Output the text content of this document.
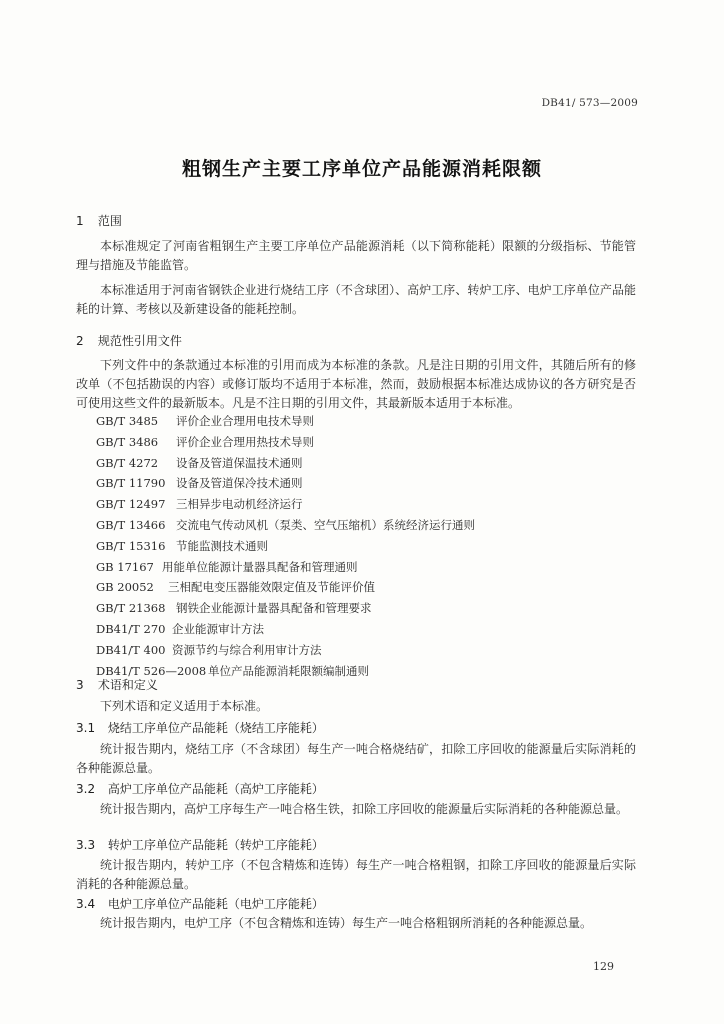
DB41/ 573—2009
粗钢生产主要工序单位产品能源消耗限额
1 范围
本标准规定了河南省粗钢生产主要工序单位产品能源消耗（以下简称能耗）限额的分级指标、节能管理与措施及节能监管。
本标准适用于河南省钢铁企业进行烧结工序（不含球团）、高炉工序、转炉工序、电炉工序单位产品能耗的计算、考核以及新建设备的能耗控制。
2 规范性引用文件
下列文件中的条款通过本标准的引用而成为本标准的条款。凡是注日期的引用文件，其随后所有的修改单（不包括勘误的内容）或修订版均不适用于本标准，然而，鼓励根据本标准达成协议的各方研究是否可使用这些文件的最新版本。凡是不注日期的引用文件，其最新版本适用于本标准。
GB/T 3485 评价企业合理用电技术导则
GB/T 3486 评价企业合理用热技术导则
GB/T 4272 设备及管道保温技术通则
GB/T 11790 设备及管道保冷技术通则
GB/T 12497 三相异步电动机经济运行
GB/T 13466 交流电气传动风机（泵类、空气压缩机）系统经济运行通则
GB/T 15316 节能监测技术通则
GB 17167 用能单位能源计量器具配备和管理通则
GB 20052 三相配电变压器能效限定值及节能评价值
GB/T 21368 钢铁企业能源计量器具配备和管理要求
DB41/T 270 企业能源审计方法
DB41/T 400 资源节约与综合利用审计方法
DB41/T 526—2008 单位产品能源消耗限额编制通则
3 术语和定义
下列术语和定义适用于本标准。
3.1 烧结工序单位产品能耗（烧结工序能耗）
统计报告期内，烧结工序（不含球团）每生产一吨合格烧结矿，扣除工序回收的能源量后实际消耗的各种能源总量。
3.2 高炉工序单位产品能耗（高炉工序能耗）
统计报告期内，高炉工序每生产一吨合格生铁，扣除工序回收的能源量后实际消耗的各种能源总量。
3.3 转炉工序单位产品能耗（转炉工序能耗）
统计报告期内，转炉工序（不包含精炼和连铸）每生产一吨合格粗钢，扣除工序回收的能源量后实际消耗的各种能源总量。
3.4 电炉工序单位产品能耗（电炉工序能耗）
统计报告期内，电炉工序（不包含精炼和连铸）每生产一吨合格粗钢所消耗的各种能源总量。
129
